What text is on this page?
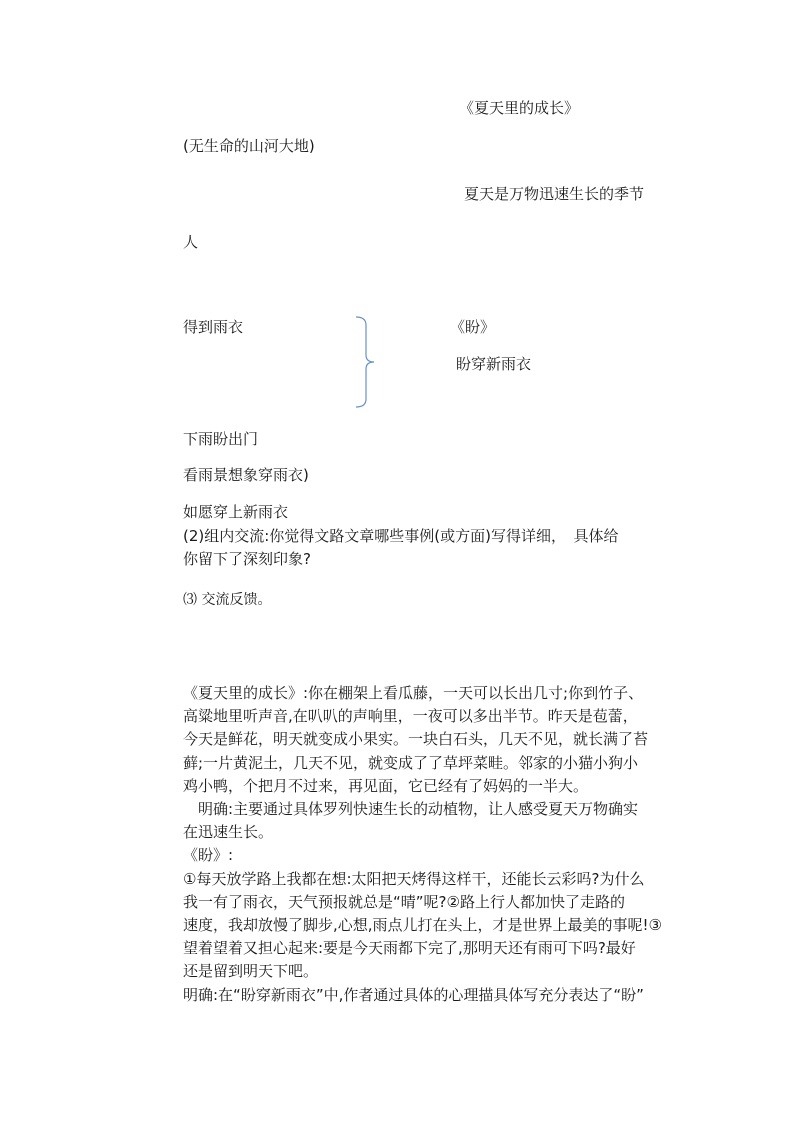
《夏天里的成长》
(无生命的山河大地)
夏天是万物迅速生长的季节
人
得到雨衣	《盼》
盼穿新雨衣
下雨盼出门
看雨景想象穿雨衣)
如愿穿上新雨衣
(2)组内交流:你觉得文路文章哪些事例(或方面)写得详细，　具体给
你留下了深刻印象?
⑶ 交流反馈。
《夏天里的成长》:你在棚架上看瓜藤，一天可以长出几寸;你到竹子、
高粱地里听声音,在叭叭的声响里，一夜可以多出半节。昨天是苞蕾，
今天是鲜花，明天就变成小果实。一块白石头，几天不见，就长满了苔
藓;一片黄泥土，几天不见，就变成了了草坪菜畦。邻家的小猫小狗小
鸡小鸭，个把月不过来，再见面，它已经有了妈妈的一半大。
　明确:主要通过具体罗列快速生长的动植物，让人感受夏天万物确实
在迅速生长。
《盼》:
①每天放学路上我都在想:太阳把天烤得这样干，还能长云彩吗?为什么
我一有了雨衣，天气预报就总是“晴”呢?②路上行人都加快了走路的
速度，我却放慢了脚步,心想,雨点儿打在头上，才是世界上最美的事呢!③
望着望着又担心起来:要是今天雨都下完了,那明天还有雨可下吗?最好
还是留到明天下吧。
明确:在“盼穿新雨衣”中,作者通过具体的心理描具体写充分表达了“盼”
